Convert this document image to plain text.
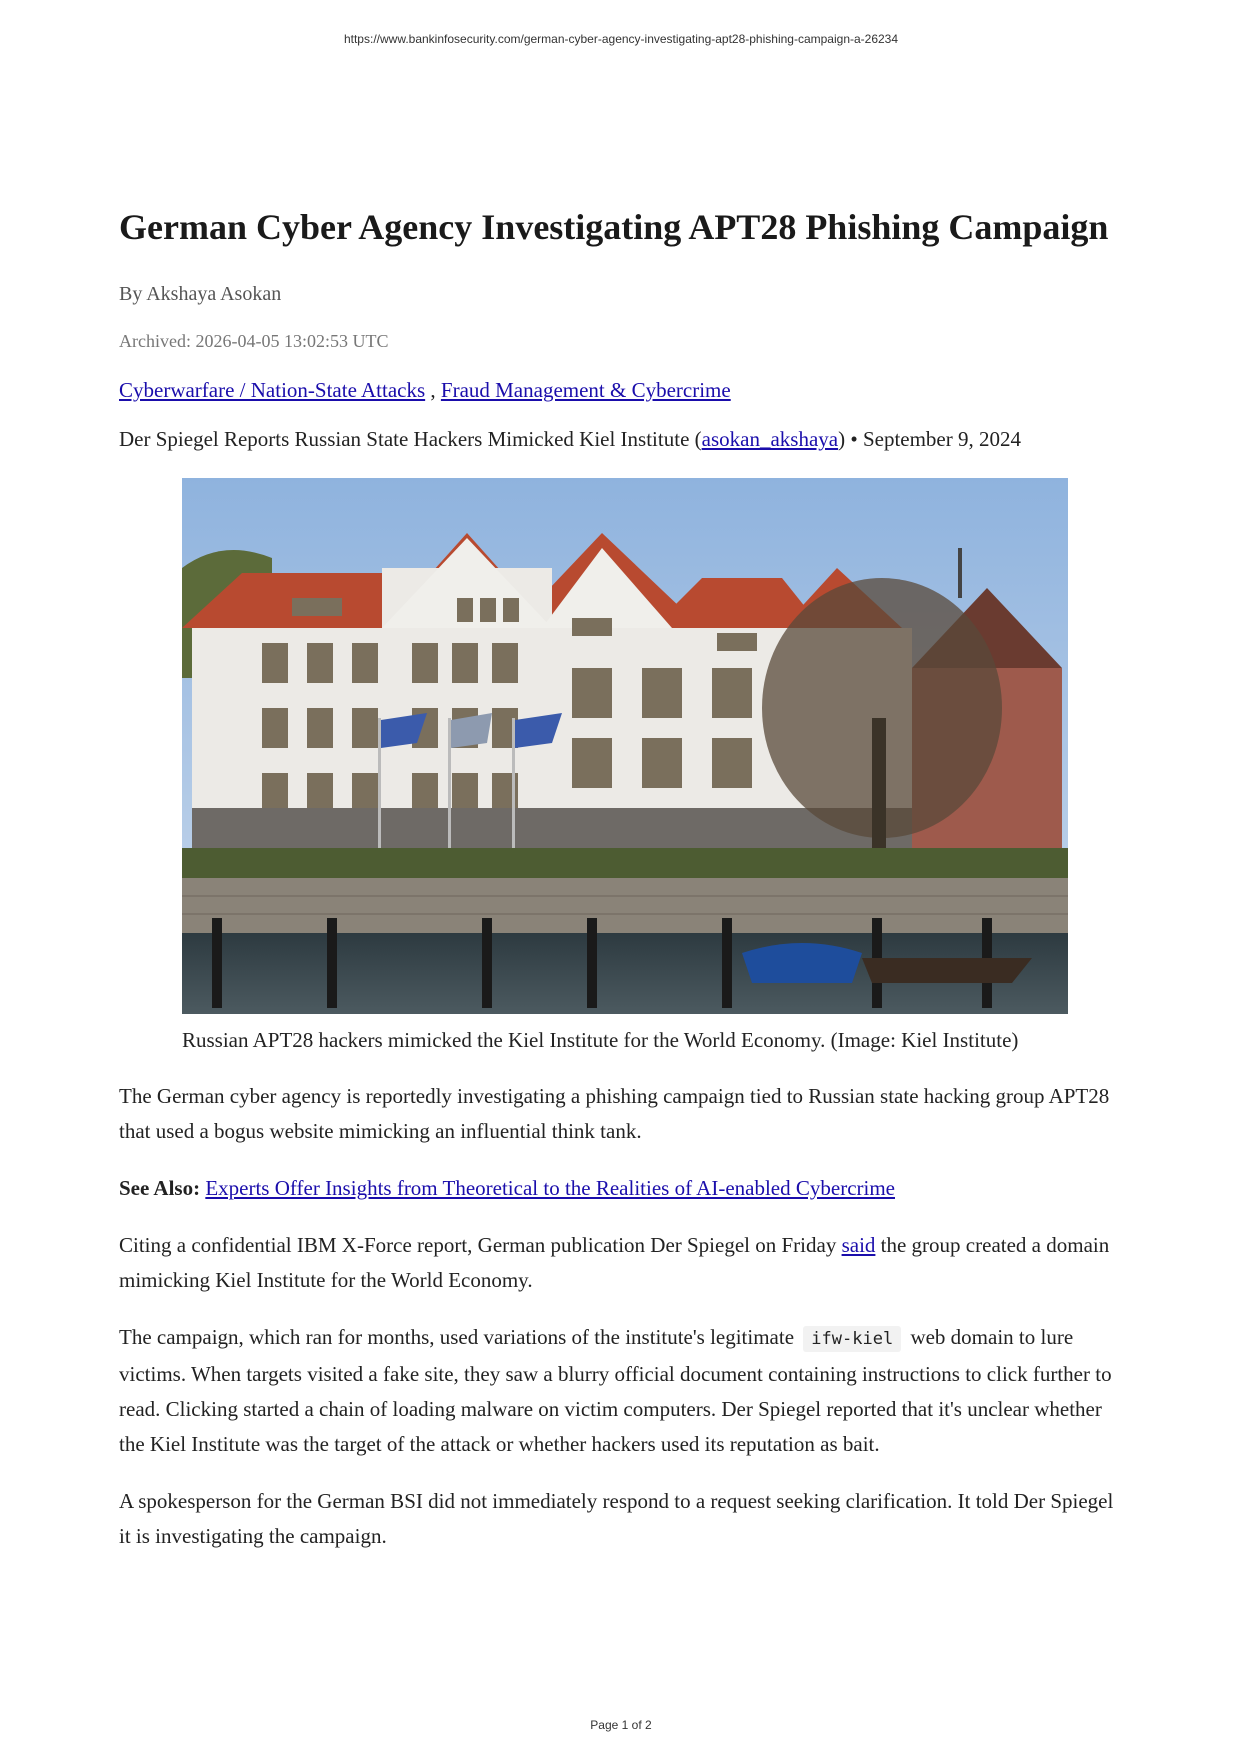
https://www.bankinfosecurity.com/german-cyber-agency-investigating-apt28-phishing-campaign-a-26234
German Cyber Agency Investigating APT28 Phishing Campaign
By Akshaya Asokan
Archived: 2026-04-05 13:02:53 UTC
Cyberwarfare / Nation-State Attacks , Fraud Management & Cybercrime
Der Spiegel Reports Russian State Hackers Mimicked Kiel Institute (asokan_akshaya) • September 9, 2024
Russian APT28 hackers mimicked the Kiel Institute for the World Economy. (Image: Kiel Institute)

The German cyber agency is reportedly investigating a phishing campaign tied to Russian state hacking group APT28 that used a bogus website mimicking an influential think tank.

See Also: Experts Offer Insights from Theoretical to the Realities of AI-enabled Cybercrime

Citing a confidential IBM X-Force report, German publication Der Spiegel on Friday said the group created a domain mimicking Kiel Institute for the World Economy.

The campaign, which ran for months, used variations of the institute's legitimate ifw-kiel web domain to lure victims. When targets visited a fake site, they saw a blurry official document containing instructions to click further to read. Clicking started a chain of loading malware on victim computers. Der Spiegel reported that it's unclear whether the Kiel Institute was the target of the attack or whether hackers used its reputation as bait.

A spokesperson for the German BSI did not immediately respond to a request seeking clarification. It told Der Spiegel it is investigating the campaign.

Page 1 of 2
